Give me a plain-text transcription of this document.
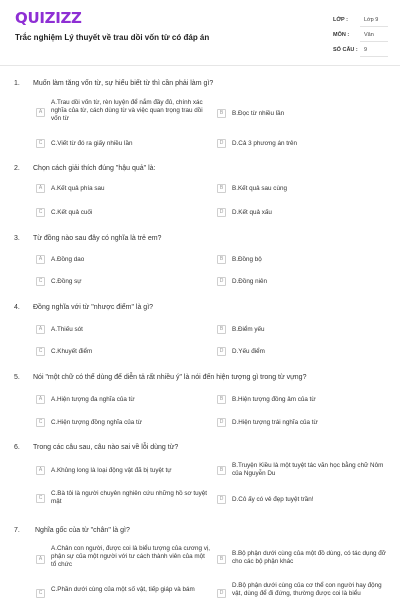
QUIZIZZ
Trắc nghiệm Lý thuyết về trau dồi vốn từ có đáp án
LỚP :	Lớp 9
MÔN :	Văn
SỐ CÂU :	9
1. Muốn làm tăng vốn từ, sự hiểu biết từ thì cần phải làm gì?
A
A.Trau dồi vốn từ, rèn luyện để nắm đầy đủ, chính xác nghĩa của từ, cách dùng từ và việc quan trọng trau dồi vốn từ
B	B.Đọc từ nhiều lần
C	C.Viết từ đó ra giấy nhiều lần	D	D.Cả 3 phương án trên
2. Chọn cách giải thích đúng "hậu quả" là:
A	A.Kết quả phía sau	B	B.Kết quả sau cùng
C	C.Kết quả cuối	D	D.Kết quả xấu
3. Từ đồng nào sau đây có nghĩa là trẻ em?
A	A.Đồng dao	B	B.Đồng bộ
C	C.Đồng sự	D	D.Đồng niên
4. Đồng nghĩa với từ "nhược điểm" là gì?
A	A.Thiếu sót	B	B.Điểm yếu
C	C.Khuyết điểm	D	D.Yếu điểm
5. Nói "một chữ có thể dùng để diễn tả rất nhiều ý" là nói đến hiện tượng gì trong từ vựng?
A	A.Hiện tượng đa nghĩa của từ	B	B.Hiện tượng đồng âm của từ
C	C.Hiện tượng đồng nghĩa của từ	D	D.Hiện tượng trái nghĩa của từ
6. Trong các câu sau, câu nào sai về lỗi dùng từ?
A	A.Khủng long là loại động vật đã bị tuyệt tự	B
B.Truyện Kiều là một tuyệt tác văn học bằng chữ Nôm của Nguyễn Du
C
C.Bà tôi là người chuyên nghiên cứu những hồ sơ tuyệt mật	D	D.Cô ấy có vẻ đẹp tuyệt trần!
7. Nghĩa gốc của từ "chân" là gì?
A
A.Chân con người, được coi là biểu tượng của cương vị, phận sự của một người với tư cách thành viên của một tổ chức
B
B.Bộ phận dưới cùng của một đồ dùng, có tác dụng đỡ cho các bộ phận khác
C	C.Phần dưới cùng của một số vật, tiếp giáp và bám	D
D.Bộ phận dưới cùng của cơ thể con người hay động vật, dùng để đi đứng, thường được coi là biểu
